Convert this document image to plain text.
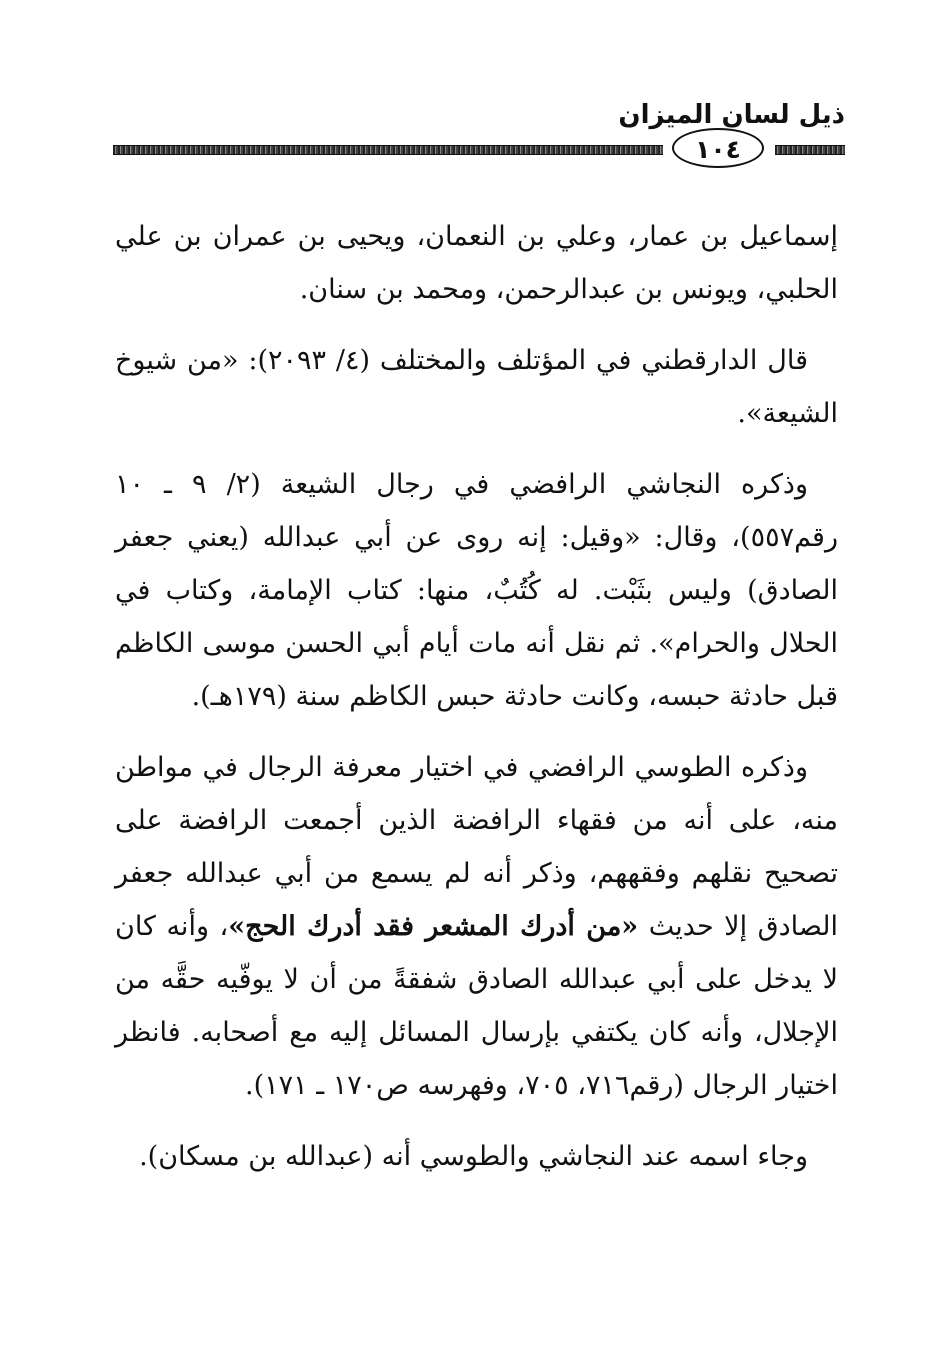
ذيل لسان الميزان
١٠٤

إسماعيل بن عمار، وعلي بن النعمان، ويحيى بن عمران بن علي الحلبي، ويونس بن عبدالرحمن، ومحمد بن سنان.

قال الدارقطني في المؤتلف والمختلف (٤/ ٢٠٩٣): «من شيوخ الشيعة».

وذكره النجاشي الرافضي في رجال الشيعة (٢/ ٩ ـ ١٠ رقم٥٥٧)، وقال: «وقيل: إنه روى عن أبي عبدالله (يعني جعفر الصادق) وليس بثَبْت. له كُتُبٌ، منها: كتاب الإمامة، وكتاب في الحلال والحرام». ثم نقل أنه مات أيام أبي الحسن موسى الكاظم قبل حادثة حبسه، وكانت حادثة حبس الكاظم سنة (١٧٩هـ).

وذكره الطوسي الرافضي في اختيار معرفة الرجال في مواطن منه، على أنه من فقهاء الرافضة الذين أجمعت الرافضة على تصحيح نقلهم وفقههم، وذكر أنه لم يسمع من أبي عبدالله جعفر الصادق إلا حديث «من أدرك المشعر فقد أدرك الحج»، وأنه كان لا يدخل على أبي عبدالله الصادق شفقةً من أن لا يوفّيه حقَّه من الإجلال، وأنه كان يكتفي بإرسال المسائل إليه مع أصحابه. فانظر اختيار الرجال (رقم٧١٦، ٧٠٥، وفهرسه ص١٧٠ ـ ١٧١).

وجاء اسمه عند النجاشي والطوسي أنه (عبدالله بن مسكان).
